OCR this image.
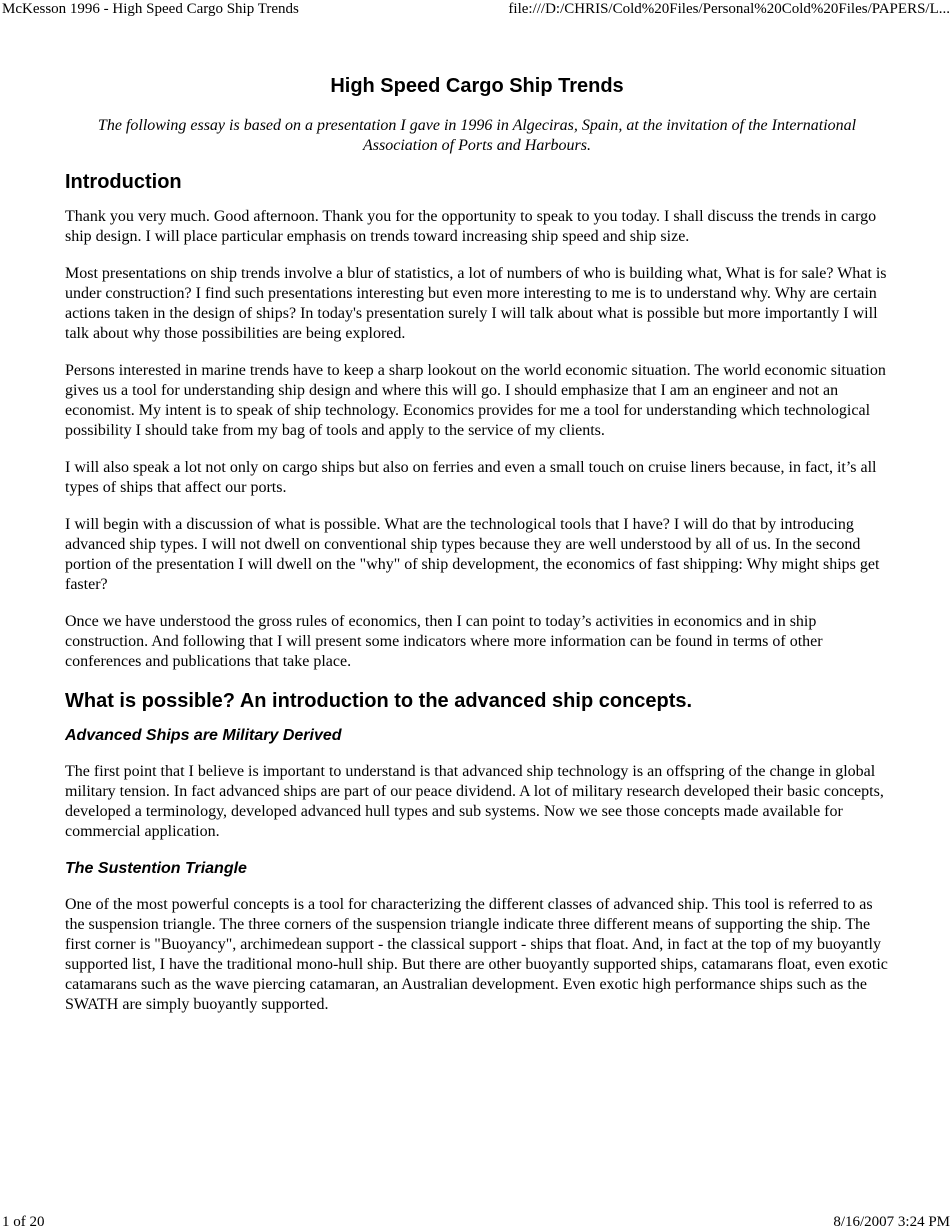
McKesson 1996 - High Speed Cargo Ship Trends	file:///D:/CHRIS/Cold%20Files/Personal%20Cold%20Files/PAPERS/L...
High Speed Cargo Ship Trends

The following essay is based on a presentation I gave in 1996 in Algeciras, Spain, at the invitation of the International Association of Ports and Harbours.

Introduction

Thank you very much. Good afternoon. Thank you for the opportunity to speak to you today. I shall discuss the trends in cargo ship design. I will place particular emphasis on trends toward increasing ship speed and ship size.

Most presentations on ship trends involve a blur of statistics, a lot of numbers of who is building what, What is for sale? What is under construction? I find such presentations interesting but even more interesting to me is to understand why. Why are certain actions taken in the design of ships? In today's presentation surely I will talk about what is possible but more importantly I will talk about why those possibilities are being explored.

Persons interested in marine trends have to keep a sharp lookout on the world economic situation. The world economic situation gives us a tool for understanding ship design and where this will go. I should emphasize that I am an engineer and not an economist. My intent is to speak of ship technology. Economics provides for me a tool for understanding which technological possibility I should take from my bag of tools and apply to the service of my clients.

I will also speak a lot not only on cargo ships but also on ferries and even a small touch on cruise liners because, in fact, it’s all types of ships that affect our ports.

I will begin with a discussion of what is possible. What are the technological tools that I have? I will do that by introducing advanced ship types. I will not dwell on conventional ship types because they are well understood by all of us. In the second portion of the presentation I will dwell on the "why" of ship development, the economics of fast shipping: Why might ships get faster?

Once we have understood the gross rules of economics, then I can point to today’s activities in economics and in ship construction. And following that I will present some indicators where more information can be found in terms of other conferences and publications that take place.

What is possible? An introduction to the advanced ship concepts.
Advanced Ships are Military Derived

The first point that I believe is important to understand is that advanced ship technology is an offspring of the change in global military tension. In fact advanced ships are part of our peace dividend. A lot of military research developed their basic concepts, developed a terminology, developed advanced hull types and sub systems. Now we see those concepts made available for commercial application.

The Sustention Triangle

One of the most powerful concepts is a tool for characterizing the different classes of advanced ship. This tool is referred to as the suspension triangle. The three corners of the suspension triangle indicate three different means of supporting the ship. The first corner is "Buoyancy", archimedean support - the classical support - ships that float. And, in fact at the top of my buoyantly supported list, I have the traditional mono-hull ship. But there are other buoyantly supported ships, catamarans float, even exotic catamarans such as the wave piercing catamaran, an Australian development. Even exotic high performance ships such as the SWATH are simply buoyantly supported.

1 of 20	8/16/2007 3:24 PM
